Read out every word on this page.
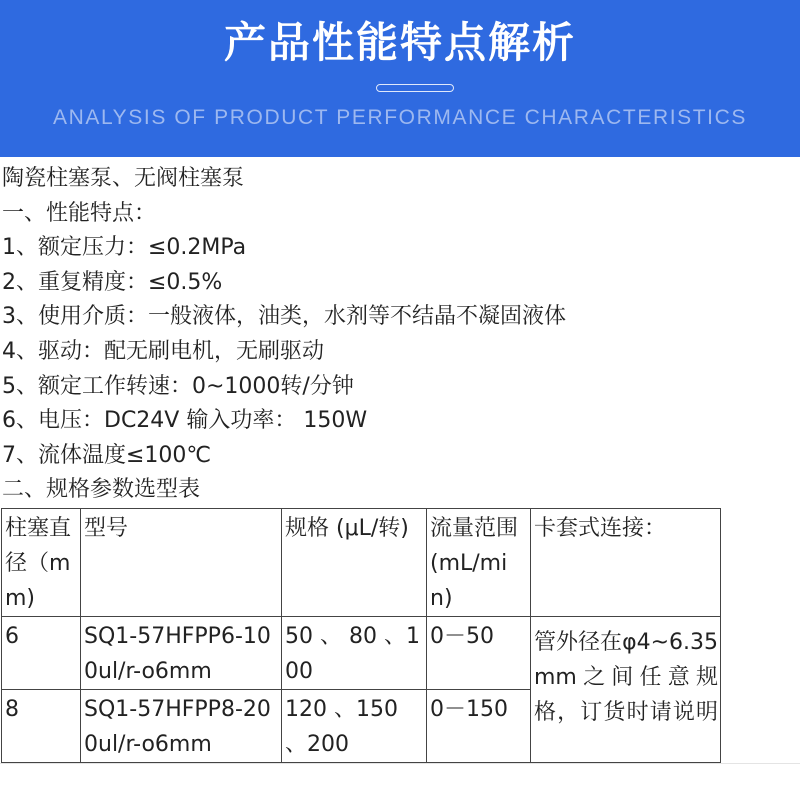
产品性能特点解析
ANALYSIS OF PRODUCT PERFORMANCE CHARACTERISTICS
陶瓷柱塞泵、无阀柱塞泵
一、性能特点：
1、额定压力：≤0.2MPa
2、重复精度：≤0.5%
3、使用介质：一般液体，油类，水剂等不结晶不凝固液体
4、驱动：配无刷电机，无刷驱动
5、额定工作转速：0~1000转/分钟
6、电压：DC24V 输入功率： 150W
7、流体温度≤100℃
二、规格参数选型表
柱塞直径（mm)	型号	规格 (μL/转)	流量范围(mL/min)	卡套式连接：
6	SQ1-57HFPP6-100ul/r-o6mm	50 、 80 、100	0－50	管外径在φ4~6.35mm之间任意规格，订货时请说明
8	SQ1-57HFPP8-200ul/r-o6mm	120 、150 、200	0－150	
